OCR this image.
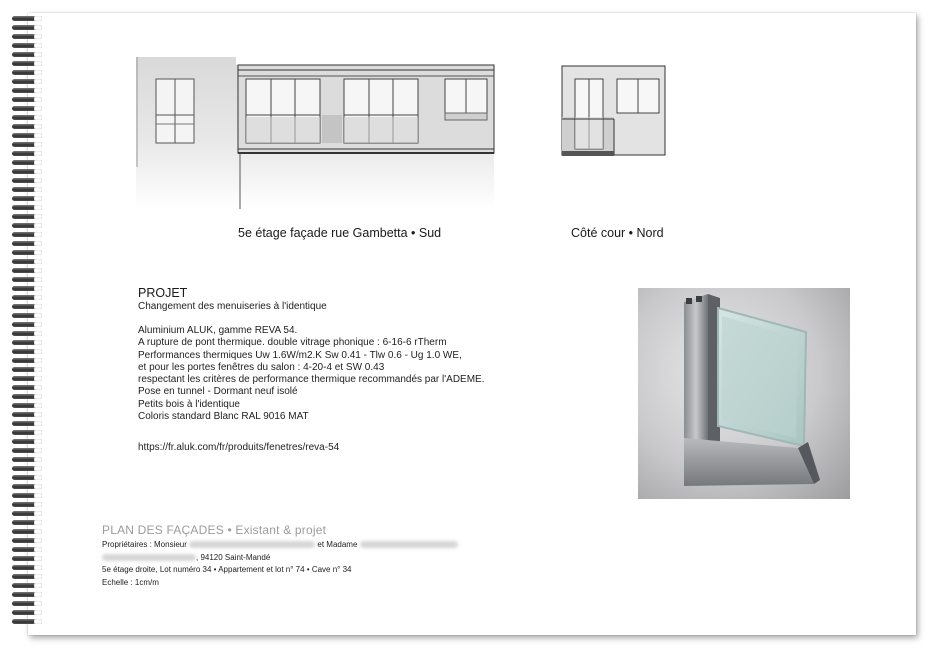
5e étage façade rue Gambetta • Sud	Côté cour • Nord
PROJET
Changement des menuiseries à l'identique
Aluminium ALUK, gamme REVA 54.
A rupture de pont thermique. double vitrage phonique : 6-16-6 rTherm
Performances thermiques Uw 1.6W/m2.K Sw 0.41 - Tlw 0.6 - Ug 1.0 WE,
et pour les portes fenêtres du salon : 4-20-4 et SW 0.43
respectant les critères de performance thermique recommandés par l'ADEME.
Pose en tunnel - Dormant neuf isolé
Petits bois à l'identique
Coloris standard Blanc RAL 9016 MAT
https://fr.aluk.com/fr/produits/fenetres/reva-54
PLAN DES FAÇADES • Existant & projet
Propriétaires : Monsieur	et Madame
, 94120 Saint-Mandé
5e étage droite, Lot numéro 34 • Appartement et lot n° 74 • Cave n° 34
Echelle : 1cm/m
